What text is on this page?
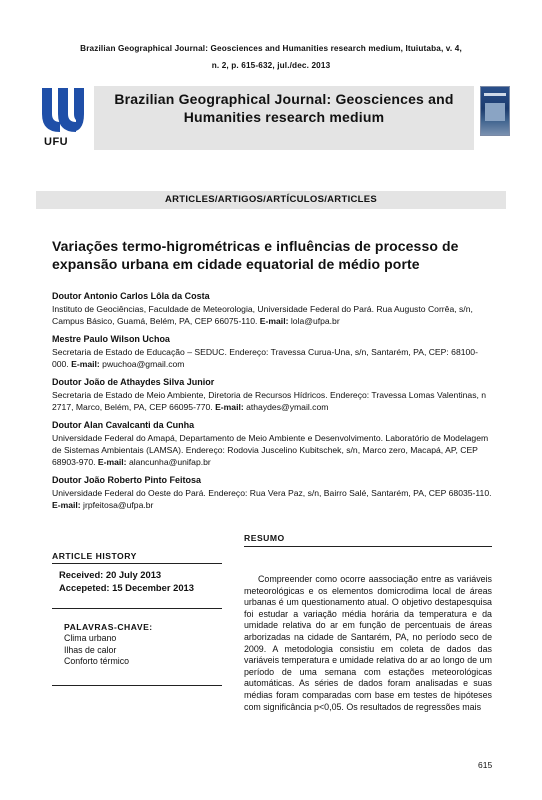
Brazilian Geographical Journal: Geosciences and Humanities research medium, Ituiutaba, v. 4,
n. 2, p. 615-632, jul./dec. 2013
UFU
Brazilian Geographical Journal: Geosciences and Humanities research medium
ARTICLES/ARTIGOS/ARTÍCULOS/ARTICLES
Variações termo-higrométricas e influências de processo de expansão urbana em cidade equatorial de médio porte
Doutor Antonio Carlos Lôla da Costa
Instituto de Geociências, Faculdade de Meteorologia, Universidade Federal do Pará. Rua Augusto Corrêa, s/n, Campus Básico, Guamá, Belém, PA, CEP 66075-110. E-mail: lola@ufpa.br
Mestre Paulo Wilson Uchoa
Secretaria de Estado de Educação – SEDUC. Endereço: Travessa Curua-Una, s/n, Santarém, PA, CEP: 68100-000. E-mail: pwuchoa@gmail.com
Doutor João de Athaydes Silva Junior
Secretaria de Estado de Meio Ambiente, Diretoria de Recursos Hídricos. Endereço: Travessa Lomas Valentinas, n 2717, Marco, Belém, PA, CEP 66095-770. E-mail: athaydes@ymail.com
Doutor Alan Cavalcanti da Cunha
Universidade Federal do Amapá, Departamento de Meio Ambiente e Desenvolvimento. Laboratório de Modelagem de Sistemas Ambientais (LAMSA). Endereço: Rodovia Juscelino Kubitschek, s/n, Marco zero, Macapá, AP, CEP 68903-970. E-mail: alancunha@unifap.br
Doutor João Roberto Pinto Feitosa
Universidade Federal do Oeste do Pará. Endereço: Rua Vera Paz, s/n, Bairro Salé, Santarém, PA, CEP 68035-110. E-mail: jrpfeitosa@ufpa.br
ARTICLE HISTORY
Received: 20 July 2013
Accepeted: 15 December 2013
PALAVRAS-CHAVE:
Clima urbano
Ilhas de calor
Conforto térmico
RESUMO
Compreender como ocorre aassociação entre as variáveis meteorológicas e os elementos domicrodima local de áreas urbanas é um questionamento atual. O objetivo destapesquisa foi estudar a variação média horária da temperatura e da umidade relativa do ar em função de percentuais de áreas arborizadas na cidade de Santarém, PA, no período seco de 2009. A metodologia consistiu em coleta de dados das variáveis temperatura e umidade relativa do ar ao longo de um período de uma semana com estações meteorológicas automáticas. As séries de dados foram analisadas e suas médias foram comparadas com base em testes de hipóteses com significância p<0,05. Os resultados de regressões mais
615
